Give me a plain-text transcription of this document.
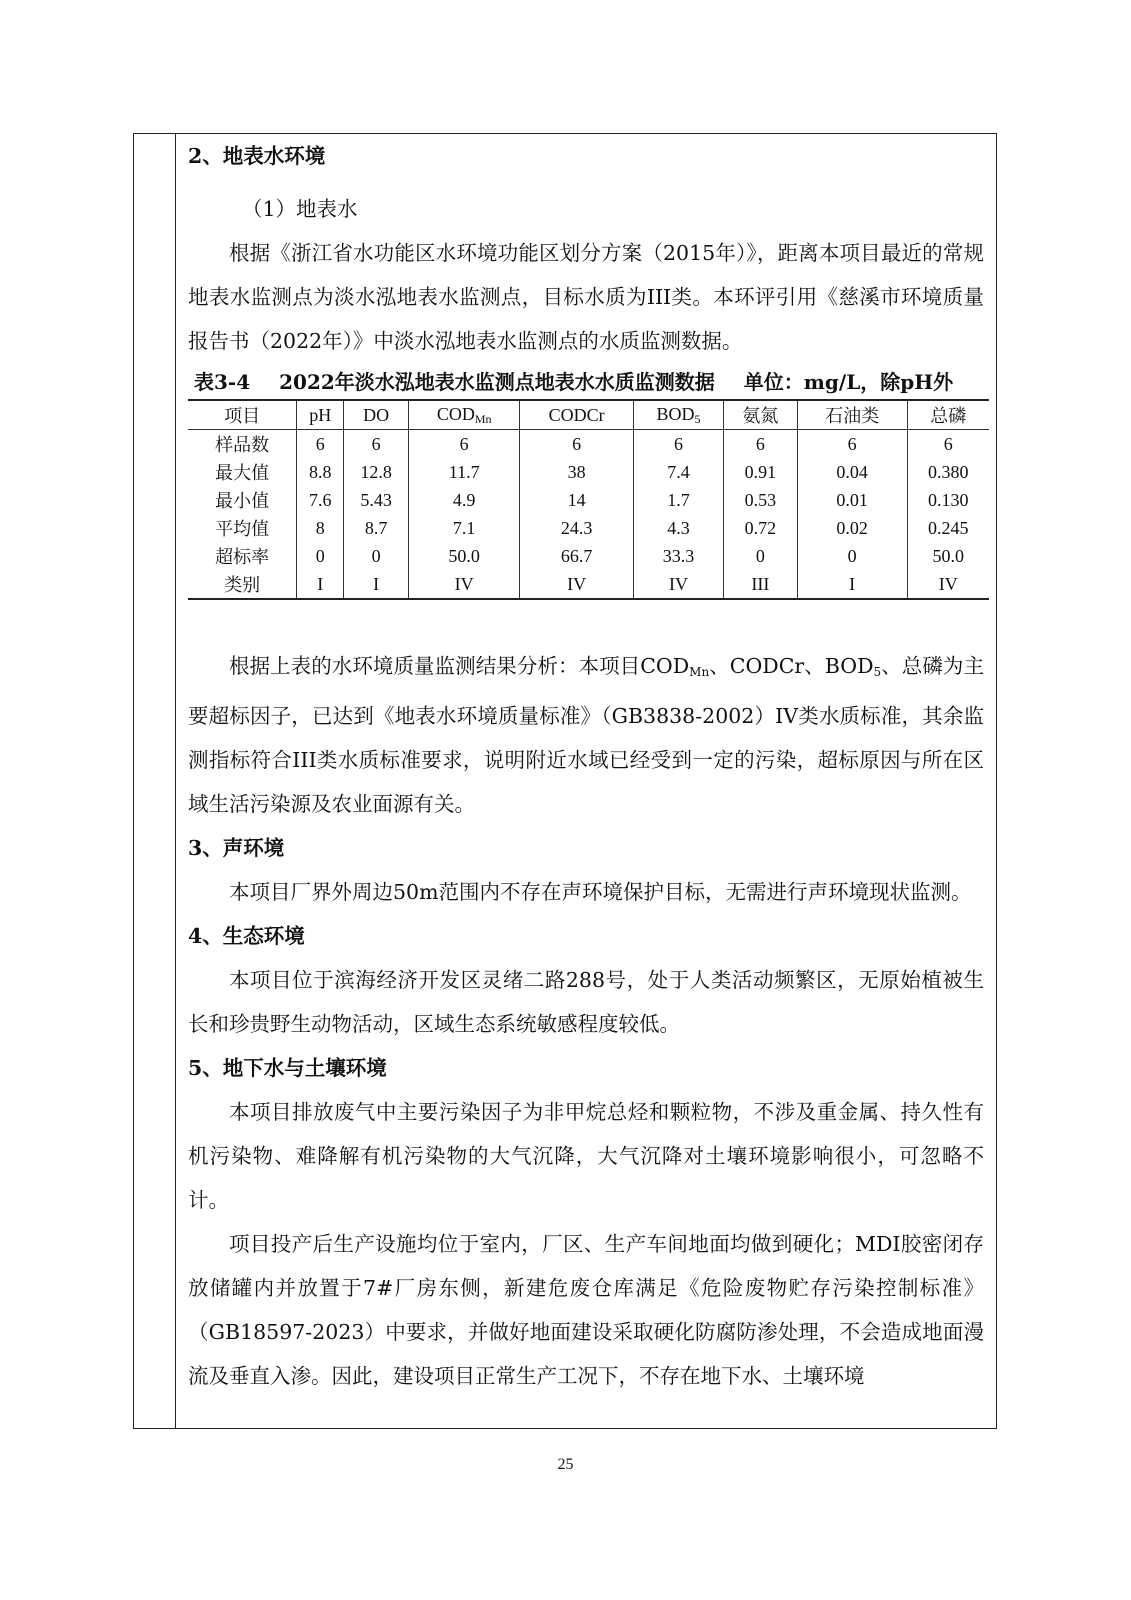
2、地表水环境

（1）地表水

根据《浙江省水功能区水环境功能区划分方案（2015年）》，距离本项目最近的常规地表水监测点为淡水泓地表水监测点，目标水质为III类。本环评引用《慈溪市环境质量报告书（2022年）》中淡水泓地表水监测点的水质监测数据。

表3-4 2022年淡水泓地表水监测点地表水水质监测数据 单位：mg/L，除pH外
项目	pH	DO	$COD_{Mn}$	CODCr	$BOD_5$	氨氮	石油类	总磷
样品数	6	6	6	6	6	6	6	6
最大值	8.8	12.8	11.7	38	7.4	0.91	0.04	0.380
最小值	7.6	5.43	4.9	14	1.7	0.53	0.01	0.130
平均值	8	8.7	7.1	24.3	4.3	0.72	0.02	0.245
超标率	0	0	50.0	66.7	33.3	0	0	50.0
类别	I	I	IV	IV	IV	III	I	IV

根据上表的水环境质量监测结果分析：本项目$COD_{Mn}$、CODCr、$BOD_5$、总磷为主要超标因子，已达到《地表水环境质量标准》（GB3838-2002）IV类水质标准，其余监测指标符合III类水质标准要求，说明附近水域已经受到一定的污染，超标原因与所在区域生活污染源及农业面源有关。

3、声环境

本项目厂界外周边50m范围内不存在声环境保护目标，无需进行声环境现状监测。

4、生态环境

本项目位于滨海经济开发区灵绪二路288号，处于人类活动频繁区，无原始植被生长和珍贵野生动物活动，区域生态系统敏感程度较低。

5、地下水与土壤环境

本项目排放废气中主要污染因子为非甲烷总烃和颗粒物，不涉及重金属、持久性有机污染物、难降解有机污染物的大气沉降，大气沉降对土壤环境影响很小，可忽略不计。

项目投产后生产设施均位于室内，厂区、生产车间地面均做到硬化；MDI胶密闭存放储罐内并放置于7#厂房东侧，新建危废仓库满足《危险废物贮存污染控制标准》（GB18597-2023）中要求，并做好地面建设采取硬化防腐防渗处理，不会造成地面漫流及垂直入渗。因此，建设项目正常生产工况下，不存在地下水、土壤环境

25
